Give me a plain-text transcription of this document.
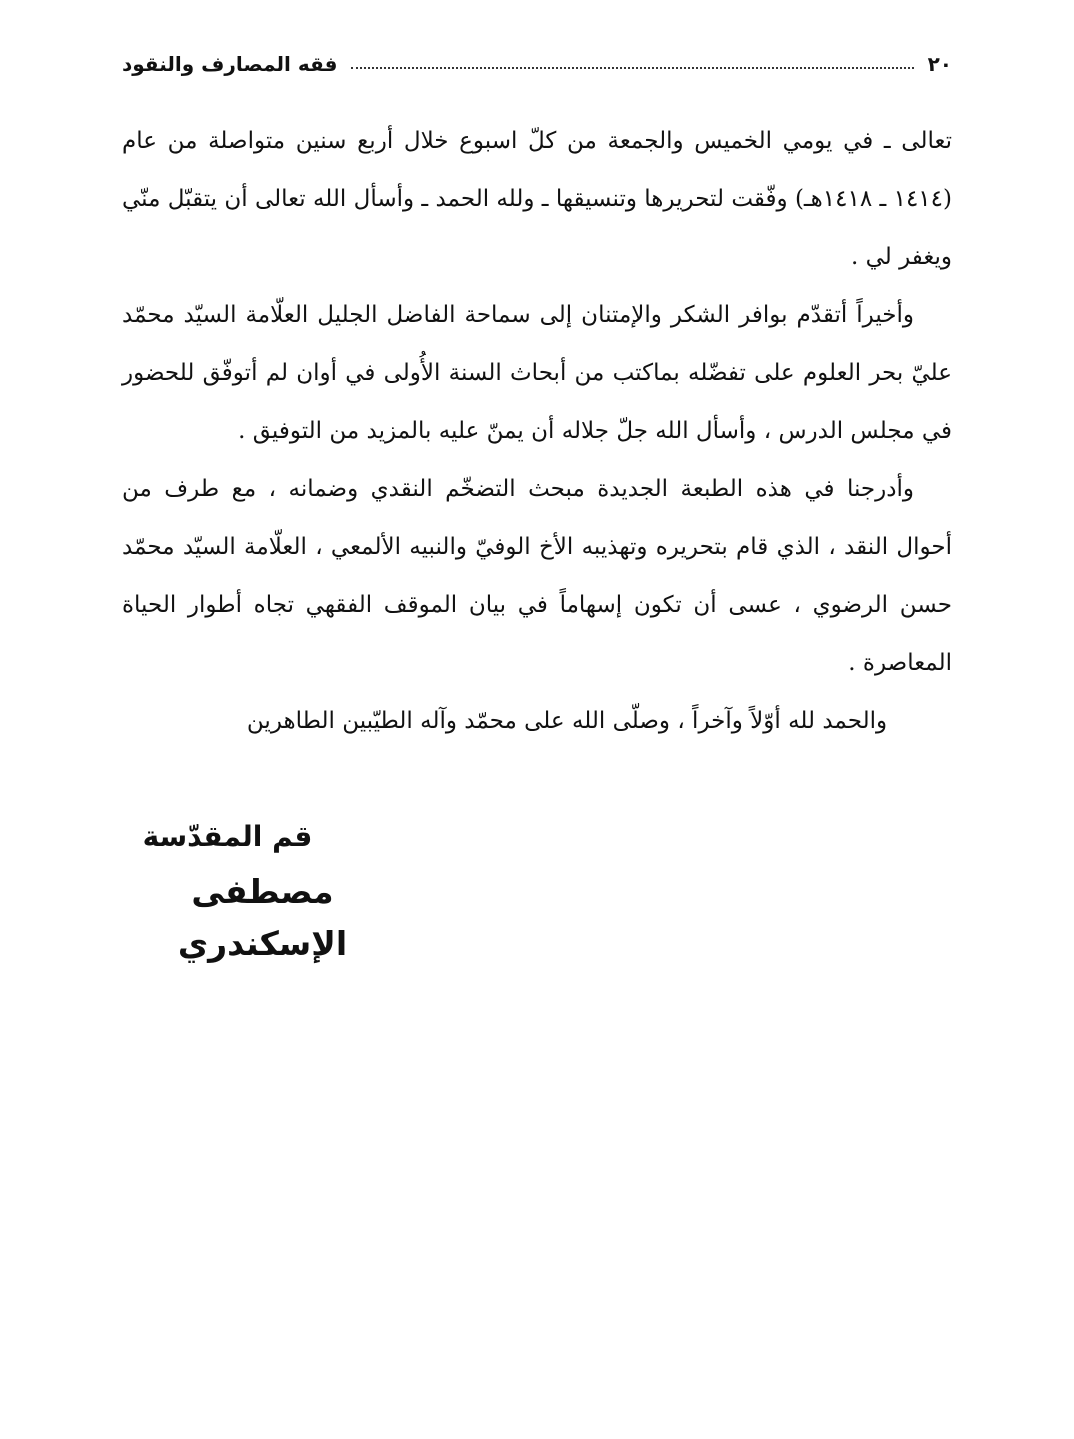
٢٠
فقه المصارف والنقود

تعالى ـ في يومي الخميس والجمعة من كلّ اسبوع خلال أربع سنين متواصلة من عام (١٤١٤ ـ ١٤١٨هـ) وفّقت لتحريرها وتنسيقها ـ ولله الحمد ـ وأسأل الله تعالى أن يتقبّل منّي ويغفر لي .

وأخيراً أتقدّم بوافر الشكر والإمتنان إلى سماحة الفاضل الجليل العلّامة السيّد محمّد عليّ بحر العلوم على تفضّله بماكتب من أبحاث السنة الأُولى في أوان لم أتوفّق للحضور في مجلس الدرس ، وأسأل الله جلّ جلاله أن يمنّ عليه بالمزيد من التوفيق .

وأدرجنا في هذه الطبعة الجديدة مبحث التضخّم النقدي وضمانه ، مع طرف من أحوال النقد ، الذي قام بتحريره وتهذيبه الأخ الوفيّ والنبيه الألمعي ، العلّامة السيّد محمّد حسن الرضوي ، عسى أن تكون إسهاماً في بيان الموقف الفقهي تجاه أطوار الحياة المعاصرة .

والحمد لله أوّلاً وآخراً ، وصلّى الله على محمّد وآله الطيّبين الطاهرين

قم المقدّسة
مصطفى الإسكندري
